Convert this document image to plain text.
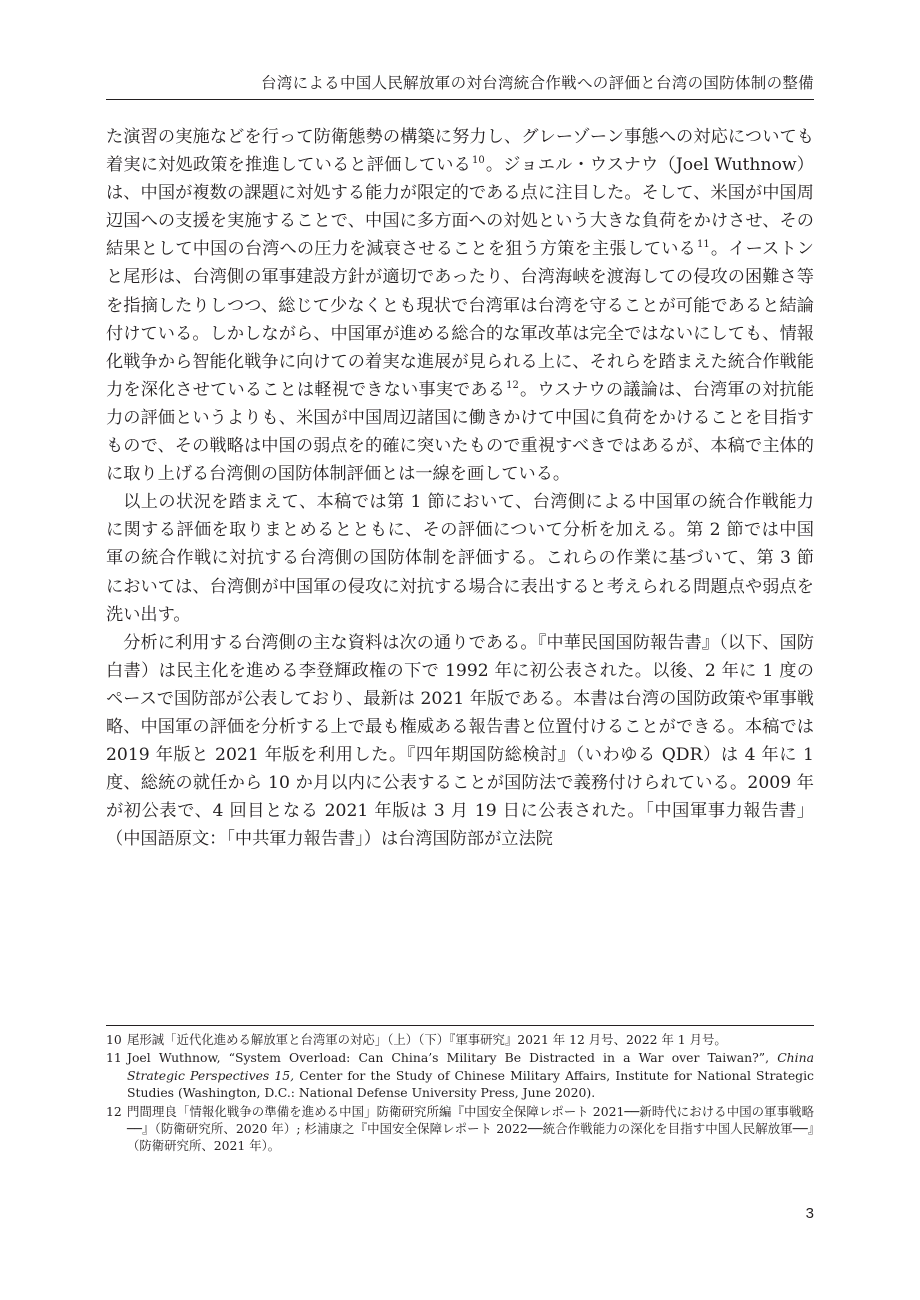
台湾による中国人民解放軍の対台湾統合作戦への評価と台湾の国防体制の整備

た演習の実施などを行って防衛態勢の構築に努力し、グレーゾーン事態への対応についても着実に対処政策を推進していると評価している$^{10}$。ジョエル・ウスナウ（Joel Wuthnow）は、中国が複数の課題に対処する能力が限定的である点に注目した。そして、米国が中国周辺国への支援を実施することで、中国に多方面への対処という大きな負荷をかけさせ、その結果として中国の台湾への圧力を減衰させることを狙う方策を主張している$^{11}$。イーストンと尾形は、台湾側の軍事建設方針が適切であったり、台湾海峡を渡海しての侵攻の困難さ等を指摘したりしつつ、総じて少なくとも現状で台湾軍は台湾を守ることが可能であると結論付けている。しかしながら、中国軍が進める総合的な軍改革は完全ではないにしても、情報化戦争から智能化戦争に向けての着実な進展が見られる上に、それらを踏まえた統合作戦能力を深化させていることは軽視できない事実である$^{12}$。ウスナウの議論は、台湾軍の対抗能力の評価というよりも、米国が中国周辺諸国に働きかけて中国に負荷をかけることを目指すもので、その戦略は中国の弱点を的確に突いたもので重視すべきではあるが、本稿で主体的に取り上げる台湾側の国防体制評価とは一線を画している。

以上の状況を踏まえて、本稿では第 1 節において、台湾側による中国軍の統合作戦能力に関する評価を取りまとめるとともに、その評価について分析を加える。第 2 節では中国軍の統合作戦に対抗する台湾側の国防体制を評価する。これらの作業に基づいて、第 3 節においては、台湾側が中国軍の侵攻に対抗する場合に表出すると考えられる問題点や弱点を洗い出す。

分析に利用する台湾側の主な資料は次の通りである。『中華民国国防報告書』（以下、国防白書）は民主化を進める李登輝政権の下で 1992 年に初公表された。以後、2 年に 1 度のペースで国防部が公表しており、最新は 2021 年版である。本書は台湾の国防政策や軍事戦略、中国軍の評価を分析する上で最も権威ある報告書と位置付けることができる。本稿では 2019 年版と 2021 年版を利用した。『四年期国防総検討』（いわゆる QDR）は 4 年に 1 度、総統の就任から 10 か月以内に公表することが国防法で義務付けられている。2009 年が初公表で、4 回目となる 2021 年版は 3 月 19 日に公表された。「中国軍事力報告書」（中国語原文：「中共軍力報告書」）は台湾国防部が立法院

10 尾形誠「近代化進める解放軍と台湾軍の対応」（上）（下）『軍事研究』2021 年 12 月号、2022 年 1 月号。
11 Joel Wuthnow, “System Overload: Can China’s Military Be Distracted in a War over Taiwan?”, China Strategic Perspectives 15, Center for the Study of Chinese Military Affairs, Institute for National Strategic Studies (Washington, D.C.: National Defense University Press, June 2020).
12 門間理良「情報化戦争の準備を進める中国」防衛研究所編『中国安全保障レポート 2021──新時代における中国の軍事戦略──』（防衛研究所、2020 年）; 杉浦康之『中国安全保障レポート 2022──統合作戦能力の深化を目指す中国人民解放軍──』（防衛研究所、2021 年）。
3
